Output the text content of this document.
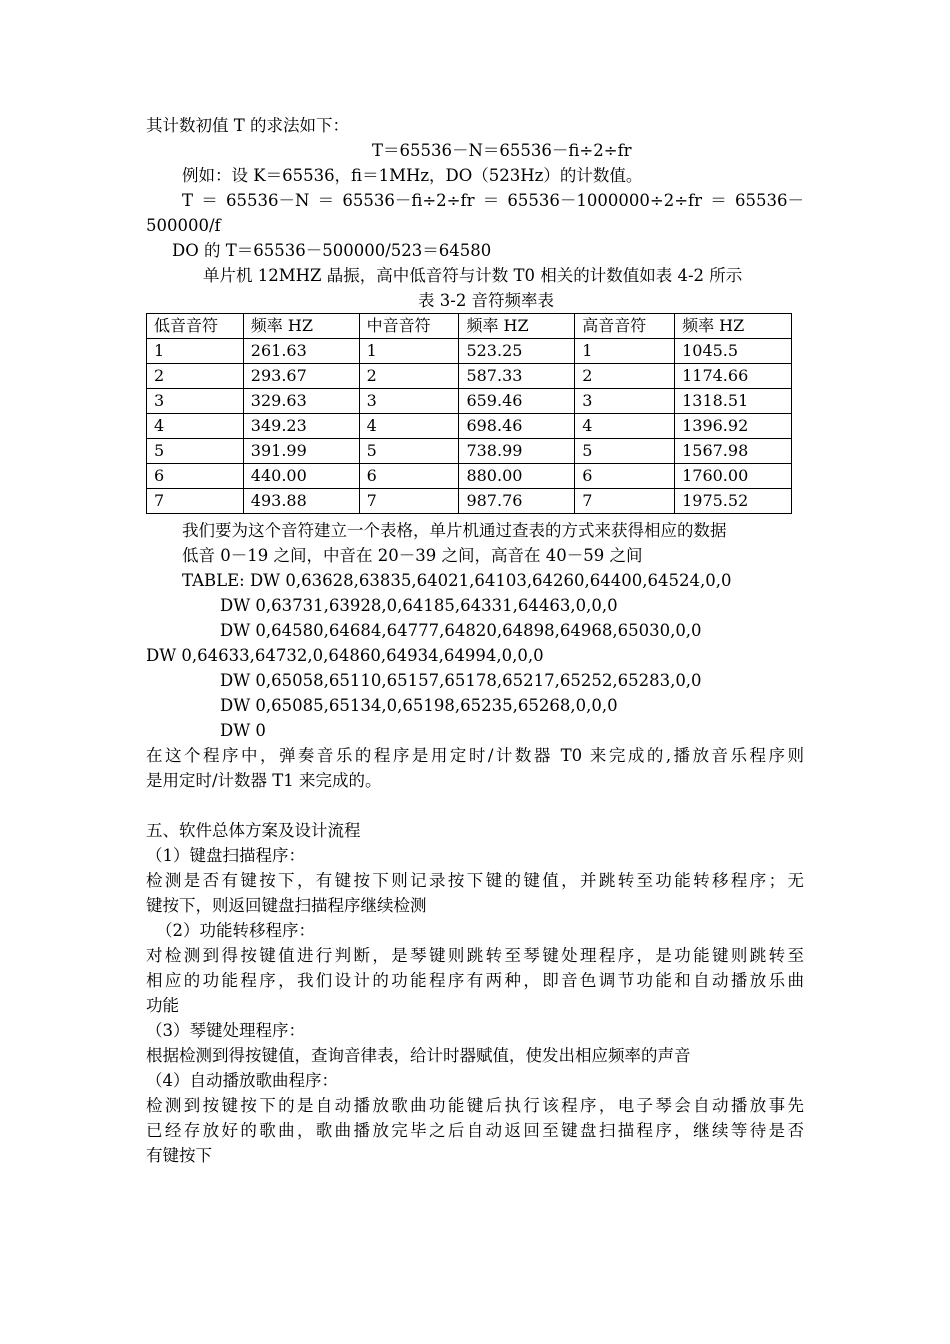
其计数初值 T 的求法如下：
T＝65536－N＝65536－fi÷2÷fr
例如：设 K＝65536，fi＝1MHz，DO（523Hz）的计数值。
T＝65536－N＝65536－fi÷2÷fr＝65536－1000000÷2÷fr＝65536－
500000/f
DO 的 T＝65536－500000/523＝64580
单片机 12MHZ 晶振，高中低音符与计数 T0 相关的计数值如表 4-2 所示
表 3-2 音符频率表
低音音符	频率 HZ	中音音符	频率 HZ	高音音符	频率 HZ
1	261.63	1	523.25	1	1045.5
2	293.67	2	587.33	2	1174.66
3	329.63	3	659.46	3	1318.51
4	349.23	4	698.46	4	1396.92
5	391.99	5	738.99	5	1567.98
6	440.00	6	880.00	6	1760.00
7	493.88	7	987.76	7	1975.52
我们要为这个音符建立一个表格，单片机通过查表的方式来获得相应的数据
低音 0－19 之间，中音在 20－39 之间，高音在 40－59 之间
TABLE: DW 0,63628,63835,64021,64103,64260,64400,64524,0,0
DW 0,63731,63928,0,64185,64331,64463,0,0,0
DW 0,64580,64684,64777,64820,64898,64968,65030,0,0
DW 0,64633,64732,0,64860,64934,64994,0,0,0
DW 0,65058,65110,65157,65178,65217,65252,65283,0,0
DW 0,65085,65134,0,65198,65235,65268,0,0,0
DW 0
在这个程序中，弹奏音乐的程序是用定时/计数器 T0 来完成的,播放音乐程序则
是用定时/计数器 T1 来完成的。
五、软件总体方案及设计流程
（1）键盘扫描程序：
检测是否有键按下，有键按下则记录按下键的键值，并跳转至功能转移程序；无
键按下，则返回键盘扫描程序继续检测
（2）功能转移程序：
对检测到得按键值进行判断，是琴键则跳转至琴键处理程序，是功能键则跳转至
相应的功能程序，我们设计的功能程序有两种，即音色调节功能和自动播放乐曲
功能
（3）琴键处理程序：
根据检测到得按键值，查询音律表，给计时器赋值，使发出相应频率的声音
（4）自动播放歌曲程序：
检测到按键按下的是自动播放歌曲功能键后执行该程序，电子琴会自动播放事先
已经存放好的歌曲，歌曲播放完毕之后自动返回至键盘扫描程序，继续等待是否
有键按下
